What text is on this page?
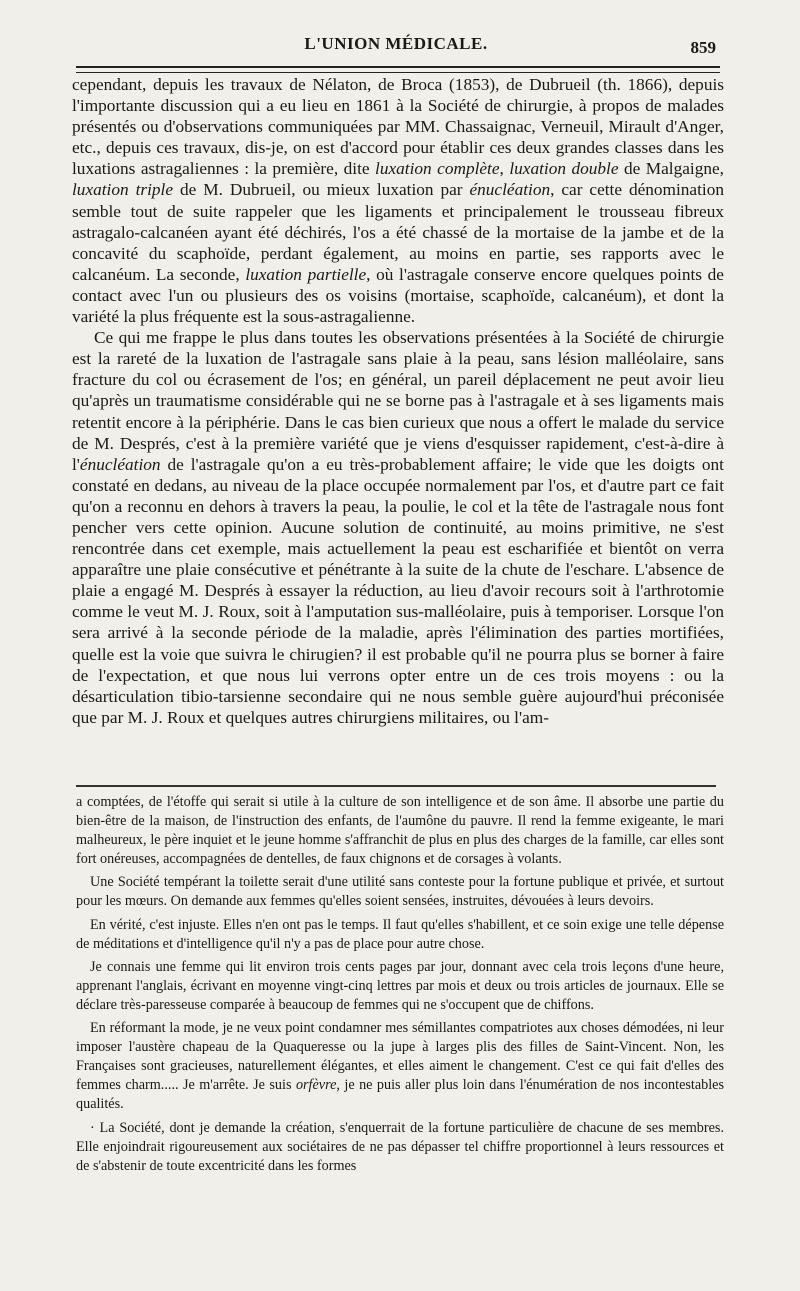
L'UNION MÉDICALE.	859

cependant, depuis les travaux de Nélaton, de Broca (1853), de Dubrueil (th. 1866), depuis l'importante discussion qui a eu lieu en 1861 à la Société de chirurgie, à propos de malades présentés ou d'observations communiquées par MM. Chassaignac, Verneuil, Mirault d'Anger, etc., depuis ces travaux, dis-je, on est d'accord pour établir ces deux grandes classes dans les luxations astragaliennes : la première, dite luxation complète, luxation double de Malgaigne, luxation triple de M. Dubrueil, ou mieux luxation par énucléation, car cette dénomination semble tout de suite rappeler que les ligaments et principalement le trousseau fibreux astragalo-calcanéen ayant été déchirés, l'os a été chassé de la mortaise de la jambe et de la concavité du scaphoïde, perdant également, au moins en partie, ses rapports avec le calcanéum. La seconde, luxation partielle, où l'astragale conserve encore quelques points de contact avec l'un ou plusieurs des os voisins (mortaise, scaphoïde, calcanéum), et dont la variété la plus fréquente est la sous-astragalienne.

Ce qui me frappe le plus dans toutes les observations présentées à la Société de chirurgie est la rareté de la luxation de l'astragale sans plaie à la peau, sans lésion malléolaire, sans fracture du col ou écrasement de l'os; en général, un pareil déplacement ne peut avoir lieu qu'après un traumatisme considérable qui ne se borne pas à l'astragale et à ses ligaments mais retentit encore à la périphérie. Dans le cas bien curieux que nous a offert le malade du service de M. Després, c'est à la première variété que je viens d'esquisser rapidement, c'est-à-dire à l'énucléation de l'astragale qu'on a eu très-probablement affaire; le vide que les doigts ont constaté en dedans, au niveau de la place occupée normalement par l'os, et d'autre part ce fait qu'on a reconnu en dehors à travers la peau, la poulie, le col et la tête de l'astragale nous font pencher vers cette opinion. Aucune solution de continuité, au moins primitive, ne s'est rencontrée dans cet exemple, mais actuellement la peau est escharifiée et bientôt on verra apparaître une plaie consécutive et pénétrante à la suite de la chute de l'eschare. L'absence de plaie a engagé M. Després à essayer la réduction, au lieu d'avoir recours soit à l'arthrotomie comme le veut M. J. Roux, soit à l'amputation sus-malléolaire, puis à temporiser. Lorsque l'on sera arrivé à la seconde période de la maladie, après l'élimination des parties mortifiées, quelle est la voie que suivra le chirugien? il est probable qu'il ne pourra plus se borner à faire de l'expectation, et que nous lui verrons opter entre un de ces trois moyens : ou la désarticulation tibio-tarsienne secondaire qui ne nous semble guère aujourd'hui préconisée que par M. J. Roux et quelques autres chirurgiens militaires, ou l'am-

a comptées, de l'étoffe qui serait si utile à la culture de son intelligence et de son âme. Il absorbe une partie du bien-être de la maison, de l'instruction des enfants, de l'aumône du pauvre. Il rend la femme exigeante, le mari malheureux, le père inquiet et le jeune homme s'affranchit de plus en plus des charges de la famille, car elles sont fort onéreuses, accompagnées de dentelles, de faux chignons et de corsages à volants.

Une Société tempérant la toilette serait d'une utilité sans conteste pour la fortune publique et privée, et surtout pour les mœurs. On demande aux femmes qu'elles soient sensées, instruites, dévouées à leurs devoirs.

En vérité, c'est injuste. Elles n'en ont pas le temps. Il faut qu'elles s'habillent, et ce soin exige une telle dépense de méditations et d'intelligence qu'il n'y a pas de place pour autre chose.

Je connais une femme qui lit environ trois cents pages par jour, donnant avec cela trois leçons d'une heure, apprenant l'anglais, écrivant en moyenne vingt-cinq lettres par mois et deux ou trois articles de journaux. Elle se déclare très-paresseuse comparée à beaucoup de femmes qui ne s'occupent que de chiffons.

En réformant la mode, je ne veux point condamner mes sémillantes compatriotes aux choses démodées, ni leur imposer l'austère chapeau de la Quaqueresse ou la jupe à larges plis des filles de Saint-Vincent. Non, les Françaises sont gracieuses, naturellement élégantes, et elles aiment le changement. C'est ce qui fait d'elles des femmes charm..... Je m'arrête. Je suis orfèvre, je ne puis aller plus loin dans l'énumération de nos incontestables qualités.

· La Société, dont je demande la création, s'enquerrait de la fortune particulière de chacune de ses membres. Elle enjoindrait rigoureusement aux sociétaires de ne pas dépasser tel chiffre proportionnel à leurs ressources et de s'abstenir de toute excentricité dans les formes
